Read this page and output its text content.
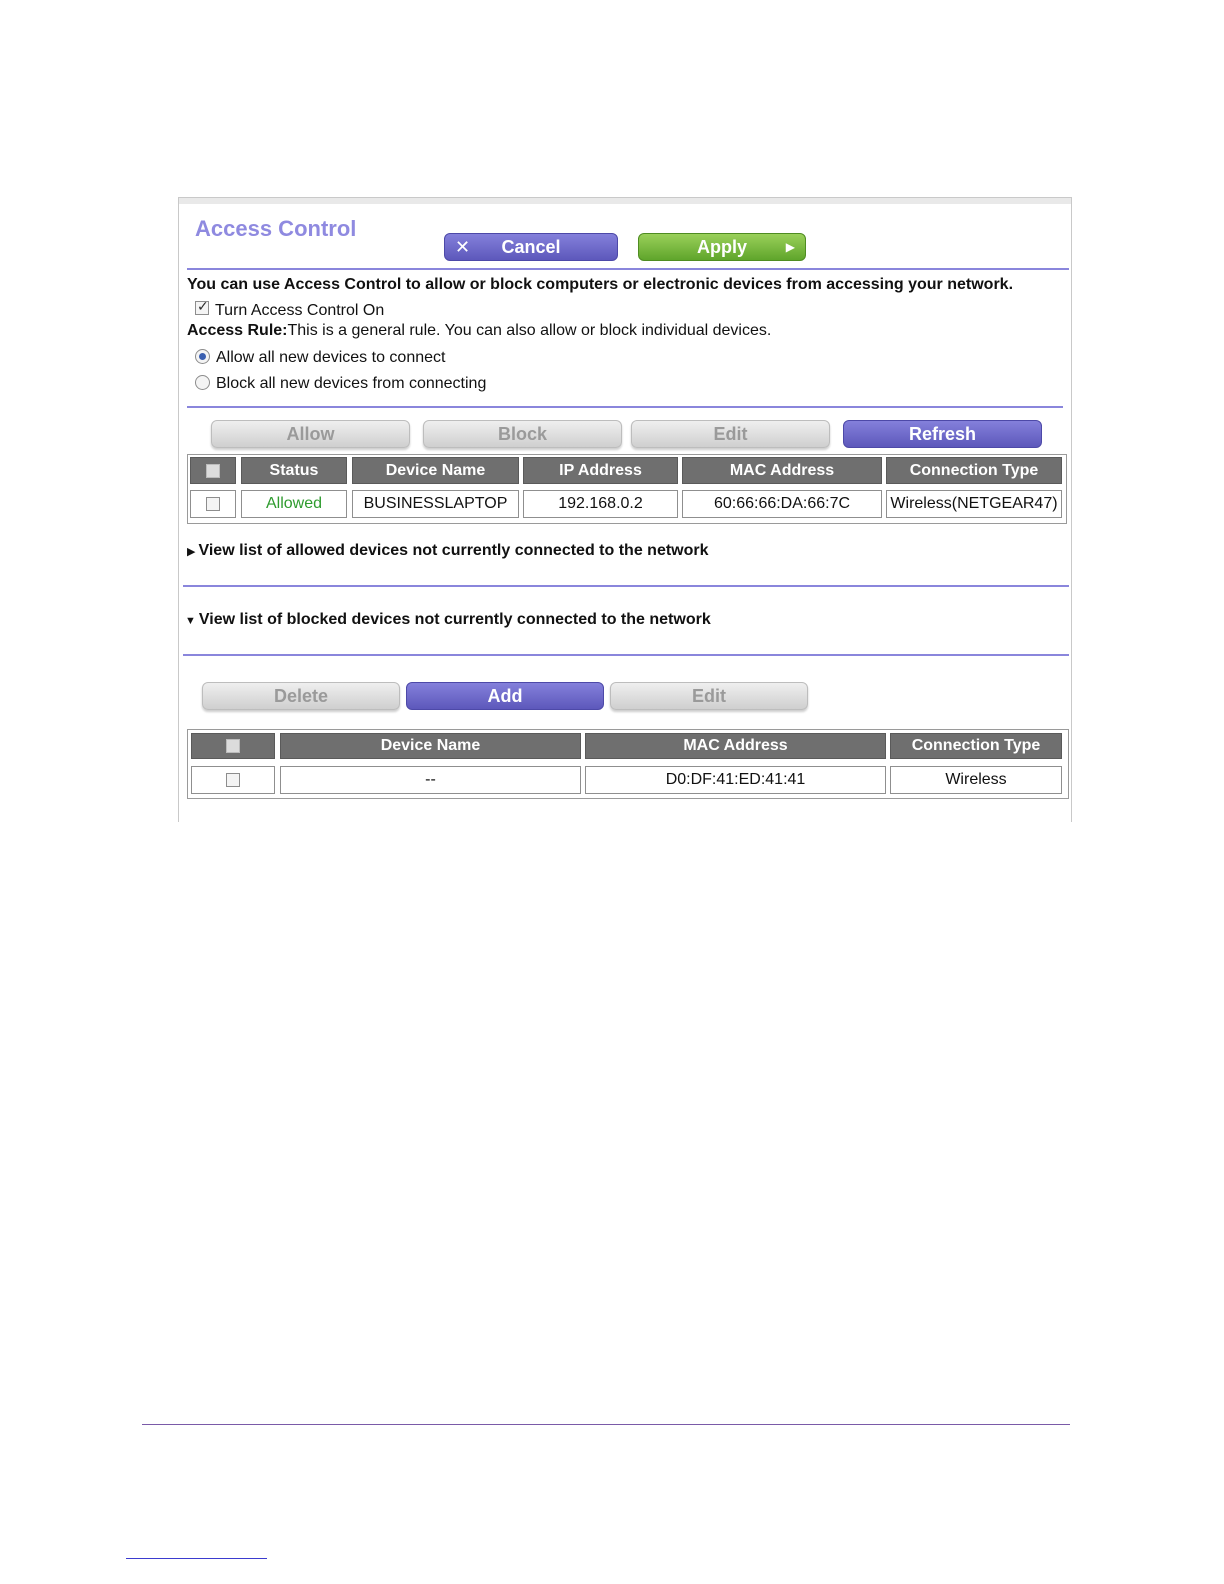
Access Control
✕ Cancel	Apply	▶
You can use Access Control to allow or block computers or electronic devices from accessing your network.
✓
Turn Access Control On
Access Rule:This is a general rule. You can also allow or block individual devices.
Allow all new devices to connect
Block all new devices from connecting
Allow	Block	Edit	Refresh
Status	Device Name	IP Address	MAC Address	Connection Type
Allowed	BUSINESSLAPTOP	192.168.0.2	60:66:66:DA:66:7C	Wireless(NETGEAR47)
▶ View list of allowed devices not currently connected to the network
▼ View list of blocked devices not currently connected to the network
Delete	Add	Edit
Device Name	MAC Address	Connection Type
--	D0:DF:41:ED:41:41	Wireless
